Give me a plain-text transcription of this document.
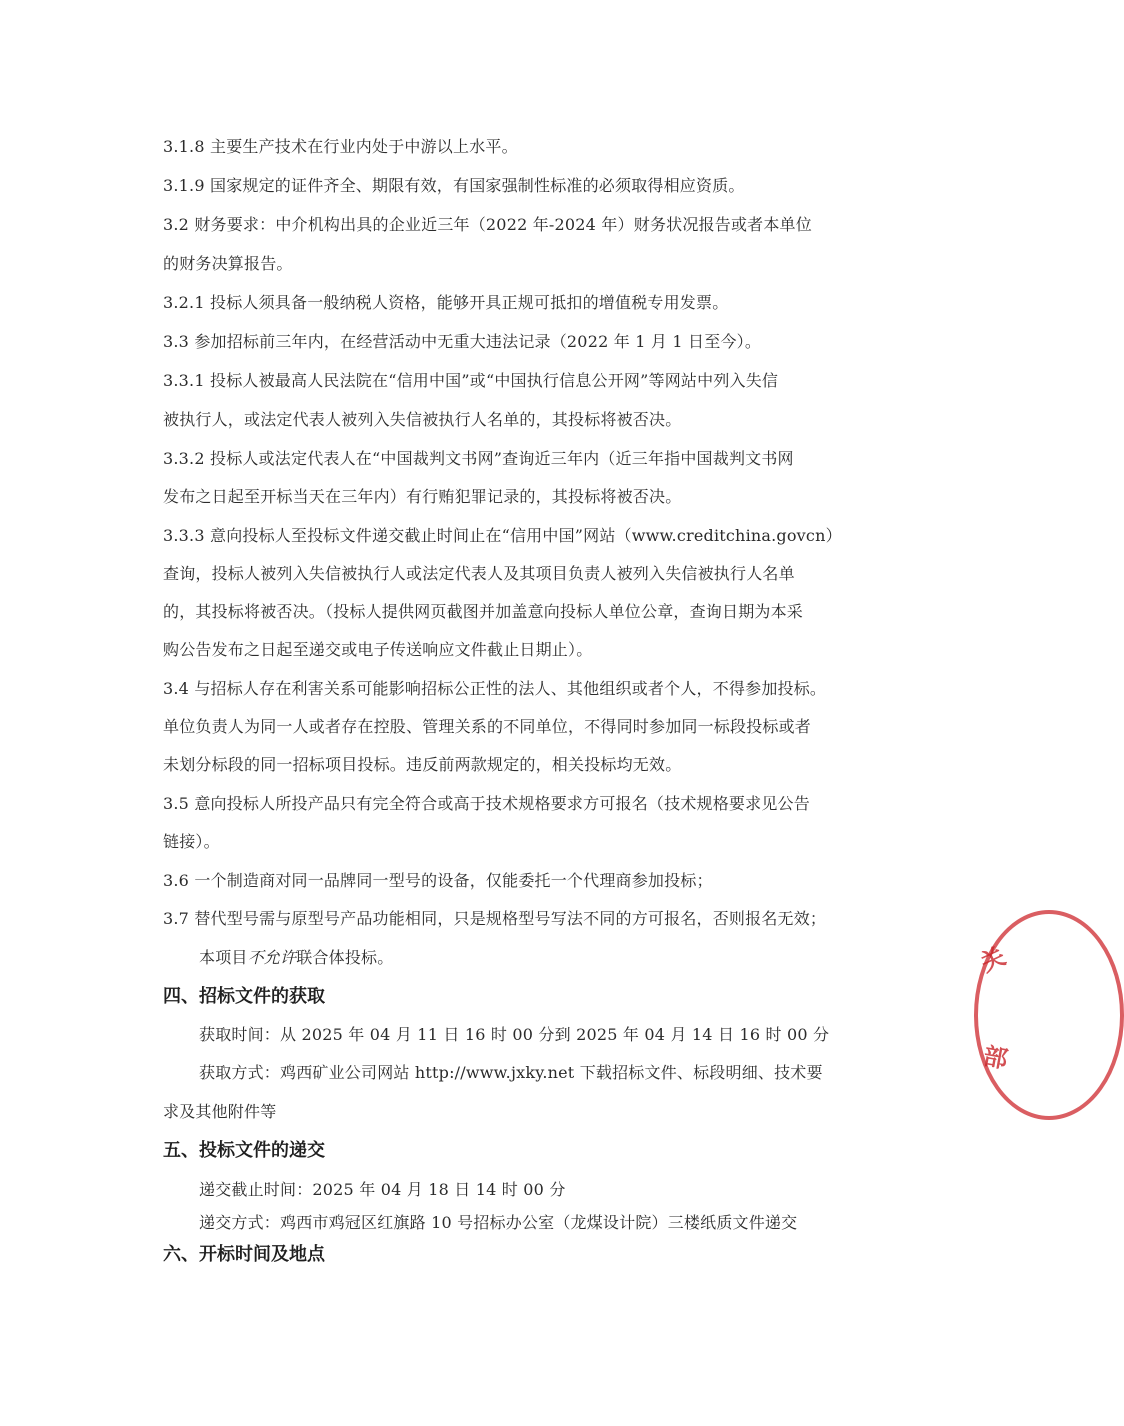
3.1.8 主要生产技术在行业内处于中游以上水平。
3.1.9 国家规定的证件齐全、期限有效，有国家强制性标准的必须取得相应资质。
3.2 财务要求：中介机构出具的企业近三年（2022 年-2024 年）财务状况报告或者本单位
的财务决算报告。
3.2.1 投标人须具备一般纳税人资格，能够开具正规可抵扣的增值税专用发票。
3.3 参加招标前三年内，在经营活动中无重大违法记录（2022 年 1 月 1 日至今）。
3.3.1 投标人被最高人民法院在“信用中国”或“中国执行信息公开网”等网站中列入失信
被执行人，或法定代表人被列入失信被执行人名单的，其投标将被否决。
3.3.2 投标人或法定代表人在“中国裁判文书网”查询近三年内（近三年指中国裁判文书网
发布之日起至开标当天在三年内）有行贿犯罪记录的，其投标将被否决。
3.3.3 意向投标人至投标文件递交截止时间止在“信用中国”网站（www.creditchina.govcn）
查询，投标人被列入失信被执行人或法定代表人及其项目负责人被列入失信被执行人名单
的，其投标将被否决。（投标人提供网页截图并加盖意向投标人单位公章，查询日期为本采
购公告发布之日起至递交或电子传送响应文件截止日期止）。
3.4 与招标人存在利害关系可能影响招标公正性的法人、其他组织或者个人，不得参加投标。
单位负责人为同一人或者存在控股、管理关系的不同单位，不得同时参加同一标段投标或者
未划分标段的同一招标项目投标。违反前两款规定的，相关投标均无效。
3.5 意向投标人所投产品只有完全符合或高于技术规格要求方可报名（技术规格要求见公告
链接）。
3.6 一个制造商对同一品牌同一型号的设备，仅能委托一个代理商参加投标；
3.7 替代型号需与原型号产品功能相同，只是规格型号写法不同的方可报名，否则报名无效；
本项目不允许联合体投标。
四、招标文件的获取
获取时间：从 2025 年 04 月 11 日 16 时 00 分到 2025 年 04 月 14 日 16 时 00 分
获取方式：鸡西矿业公司网站 http://www.jxky.net 下载招标文件、标段明细、技术要
求及其他附件等
五、投标文件的递交
递交截止时间：2025 年 04 月 18 日 14 时 00 分
递交方式：鸡西市鸡冠区红旗路 10 号招标办公室（龙煤设计院）三楼纸质文件递交
六、开标时间及地点
关
部
